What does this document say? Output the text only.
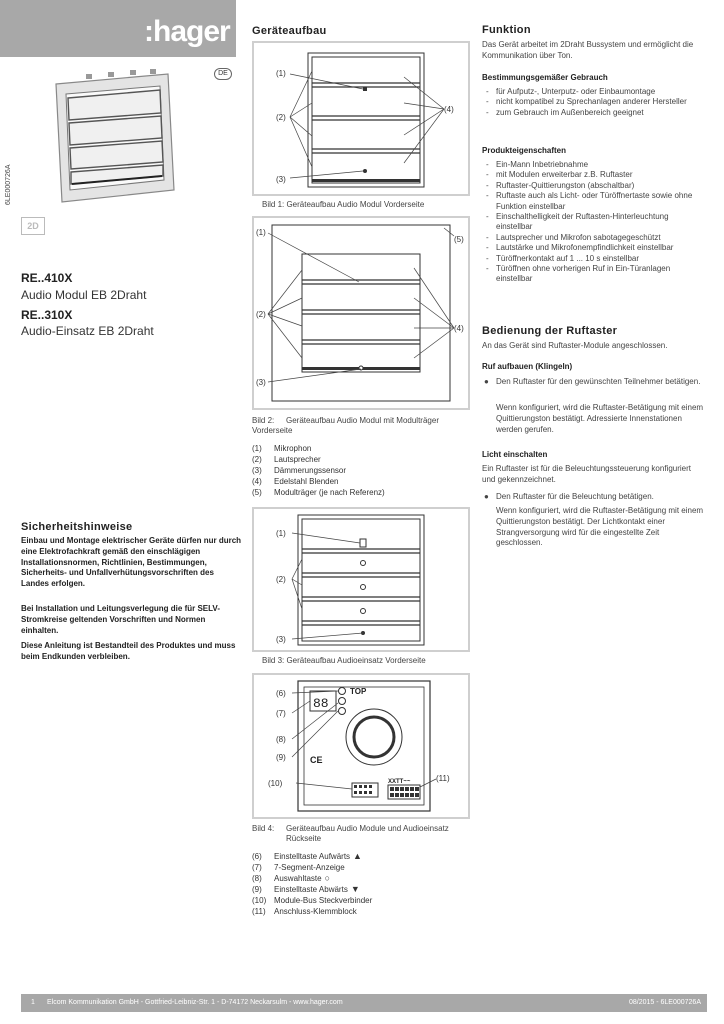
:hager
DE
6LE000726A
2D
RE..410X
Audio Modul EB 2Draht
RE..310X
Audio-Einsatz EB 2Draht
Sicherheitshinweise
Einbau und Montage elektrischer Geräte dürfen nur durch eine Elektrofachkraft gemäß den einschlägigen Installationsnormen, Richtlinien, Bestimmungen, Sicherheits- und Unfallverhütungsvorschriften des Landes erfolgen.
Bei Installation und Leitungsverlegung die für SELV-Stromkreise geltenden Vorschriften und Normen einhalten.
Diese Anleitung ist Bestandteil des Produktes und muss beim Endkunden verbleiben.
Geräteaufbau
(1)
(2)
(3)
(4)
Bild 1: Geräteaufbau Audio Modul Vorderseite
(1)
(2)
(3)
(4)
(5)
Bild 2: Geräteaufbau Audio Modul mit Modulträger Vorderseite
(1) Mikrophon
(2) Lautsprecher
(3) Dämmerungssensor
(4) Edelstahl Blenden
(5) Modulträger (je nach Referenz)
(1)
(2)
(3)
Bild 3: Geräteaufbau Audioeinsatz Vorderseite
88
TOP
CE
XXTT~~
(6)
(7)
(8)
(9)
(10)
(11)
Bild 4:	Geräteaufbau Audio Module und Audioeinsatz Rückseite
(6) Einstelltaste Aufwärts ▲
(7) 7-Segment-Anzeige
(8) Auswahltaste ○
(9) Einstelltaste Abwärts ▼
(10) Module-Bus Steckverbinder
(11) Anschluss-Klemmblock
Funktion
Das Gerät arbeitet im 2Draht Bussystem und ermöglicht die Kommunikation über Ton.
Bestimmungsgemäßer Gebrauch
- für Aufputz-, Unterputz- oder Einbaumontage
- nicht kompatibel zu Sprechanlagen anderer Hersteller
- zum Gebrauch im Außenbereich geeignet
Produkteigenschaften
- Ein-Mann Inbetriebnahme
- mit Modulen erweiterbar z.B. Ruftaster
- Ruftaster-Quittierungston (abschaltbar)
- Ruftaste auch als Licht- oder Türöffnertaste sowie ohne Funktion einstellbar
- Einschalthelligkeit der Ruftasten-Hinterleuchtung einstellbar
- Lautsprecher und Mikrofon sabotagegeschützt
- Lautstärke und Mikrofonempfindlichkeit einstellbar
- Türöffnerkontakt auf 1 ... 10 s einstellbar
- Türöffnen ohne vorherigen Ruf in Ein-Türanlagen einstellbar
Bedienung der Ruftaster
An das Gerät sind Ruftaster-Module angeschlossen.
Ruf aufbauen (Klingeln)
● Den Ruftaster für den gewünschten Teilnehmer betätigen.
Wenn konfiguriert, wird die Ruftaster-Betätigung mit einem Quittierungston bestätigt. Adressierte Innenstationen werden gerufen.
Licht einschalten
Ein Ruftaster ist für die Beleuchtungssteuerung konfiguriert und gekennzeichnet.
● Den Ruftaster für die Beleuchtung betätigen.
Wenn konfiguriert, wird die Ruftaster-Betätigung mit einem Quittierungston bestätigt. Der Lichtkontakt einer Strangversorgung wird für die eingestellte Zeit geschlossen.
1 Elcom Kommunikation GmbH - Gottfried-Leibniz-Str. 1 - D-74172 Neckarsulm - www.hager.com	08/2015 - 6LE000726A
